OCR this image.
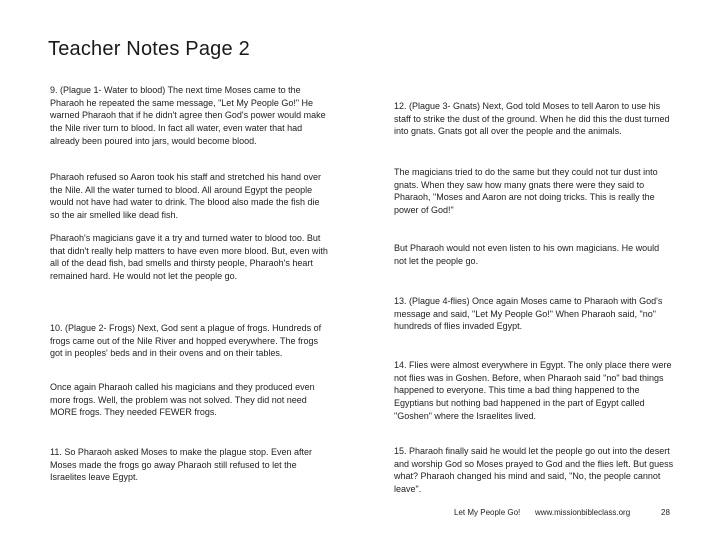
Teacher Notes Page 2

9. (Plague 1- Water to blood) The next time Moses came to the Pharaoh he repeated the same message, "Let My People Go!" He warned Pharaoh that if he didn't agree then God's power would make the Nile river turn to blood. In fact all water, even water that had already been poured into jars, would become blood.

Pharaoh refused so Aaron took his staff and stretched his hand over the Nile. All the water turned to blood. All around Egypt the people would not have had water to drink. The blood also made the fish die so the air smelled like dead fish.

Pharaoh's magicians gave it a try and turned water to blood too. But that didn't really help matters to have even more blood. But, even with all of the dead fish, bad smells and thirsty people, Pharaoh's heart remained hard. He would not let the people go.

10. (Plague 2- Frogs) Next, God sent a plague of frogs. Hundreds of frogs came out of the Nile River and hopped everywhere. The frogs got in peoples' beds and in their ovens and on their tables.

Once again Pharaoh called his magicians and they produced even more frogs. Well, the problem was not solved. They did not need MORE frogs. They needed FEWER frogs.

11. So Pharaoh asked Moses to make the plague stop. Even after Moses made the frogs go away Pharaoh still refused to let the Israelites leave Egypt.

12. (Plague 3- Gnats) Next, God told Moses to tell Aaron to use his staff to strike the dust of the ground. When he did this the dust turned into gnats. Gnats got all over the people and the animals.

The magicians tried to do the same but they could not tur dust into gnats. When they saw how many gnats there were they said to Pharaoh, "Moses and Aaron are not doing tricks. This is really the power of God!"

But Pharaoh would not even listen to his own magicians. He would not let the people go.

13. (Plague 4-flies) Once again Moses came to Pharaoh with God's message and said, "Let My People Go!" When Pharaoh said, "no" hundreds of flies invaded Egypt.

14. Flies were almost everywhere in Egypt. The only place there were not flies was in Goshen. Before, when Pharaoh said "no" bad things happened to everyone. This time a bad thing happened to the Egyptians but nothing bad happened in the part of Egypt called "Goshen" where the Israelites lived.

15. Pharaoh finally said he would let the people go out into the desert and worship God so Moses prayed to God and the flies left. But guess what? Pharaoh changed his mind and said, "No, the people cannot leave".

Let My People Go! www.missionbibleclass.org	28
